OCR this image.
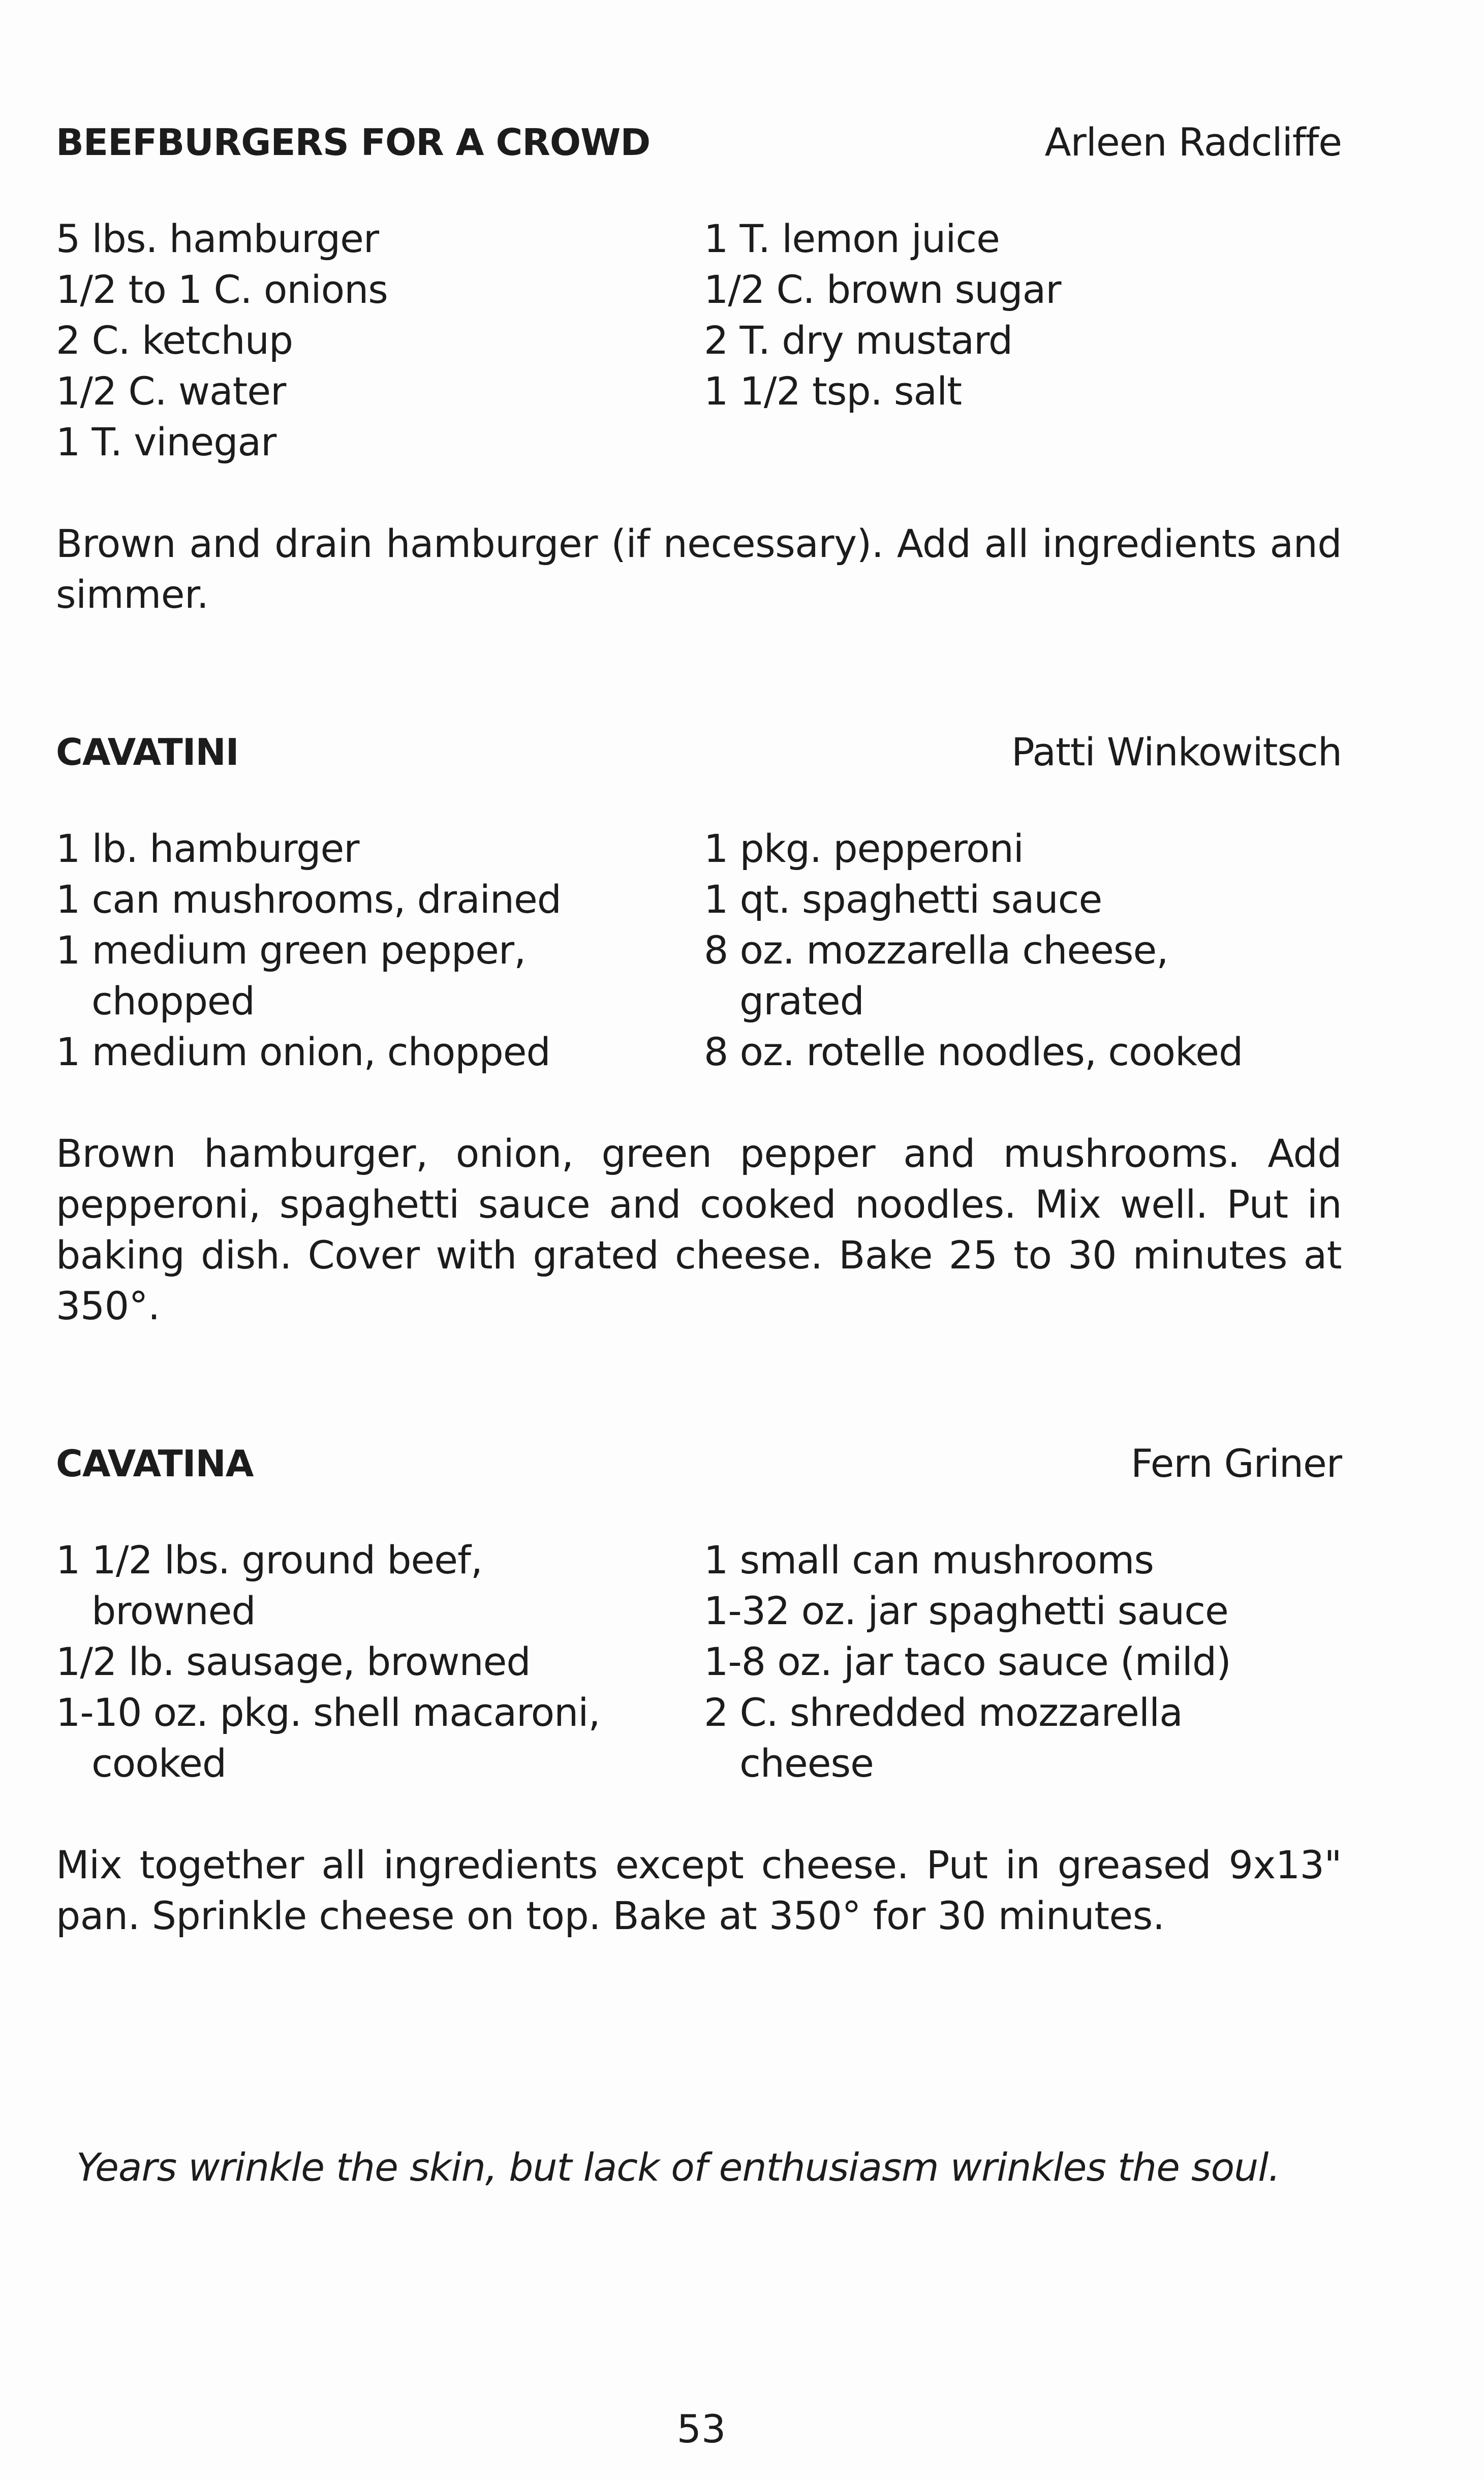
BEEFBURGERS FOR A CROWD	Arleen Radcliffe
5 lbs. hamburger
1/2 to 1 C. onions
2 C. ketchup
1/2 C. water
1 T. vinegar
1 T. lemon juice
1/2 C. brown sugar
2 T. dry mustard
1 1/2 tsp. salt
Brown and drain hamburger (if necessary). Add all ingredients and simmer.
CAVATINI	Patti Winkowitsch
1 lb. hamburger
1 can mushrooms, drained
1 medium green pepper,
chopped
1 medium onion, chopped
1 pkg. pepperoni
1 qt. spaghetti sauce
8 oz. mozzarella cheese,
grated
8 oz. rotelle noodles, cooked
Brown hamburger, onion, green pepper and mushrooms. Add pepperoni, spaghetti sauce and cooked noodles. Mix well. Put in baking dish. Cover with grated cheese. Bake 25 to 30 minutes at 350°.
CAVATINA	Fern Griner
1 1/2 lbs. ground beef,
browned
1/2 lb. sausage, browned
1-10 oz. pkg. shell macaroni,
cooked
1 small can mushrooms
1-32 oz. jar spaghetti sauce
1-8 oz. jar taco sauce (mild)
2 C. shredded mozzarella
cheese
Mix together all ingredients except cheese. Put in greased 9x13" pan. Sprinkle cheese on top. Bake at 350° for 30 minutes.
Years wrinkle the skin, but lack of enthusiasm wrinkles the soul.
53
